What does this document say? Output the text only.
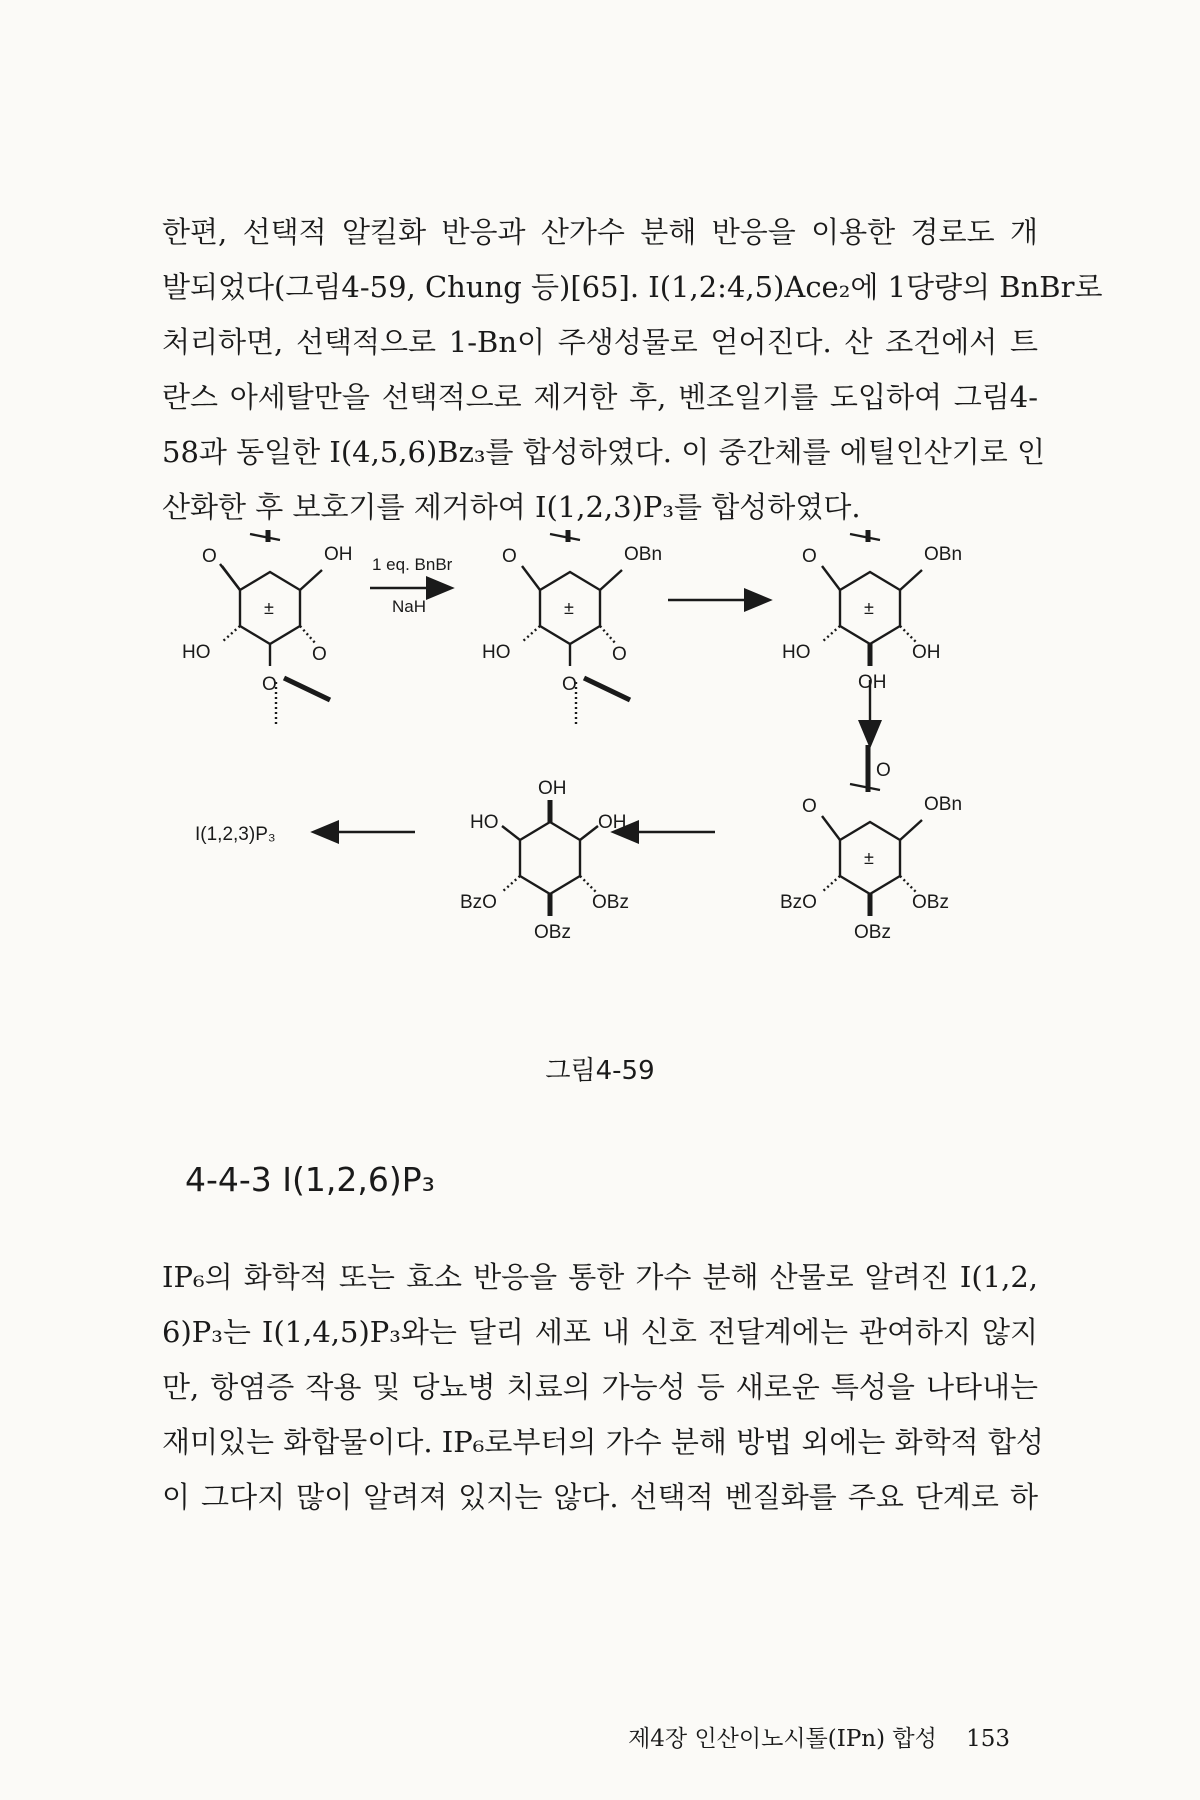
한편, 선택적 알킬화 반응과 산가수 분해 반응을 이용한 경로도 개
발되었다(그림4-59, Chung 등)[65]. I(1,2:4,5)Ace₂에 1당량의 BnBr로
처리하면, 선택적으로 1-Bn이 주생성물로 얻어진다. 산 조건에서 트
란스 아세탈만을 선택적으로 제거한 후, 벤조일기를 도입하여 그림4-
58과 동일한 I(4,5,6)Bz₃를 합성하였다. 이 중간체를 에틸인산기로 인
산화한 후 보호기를 제거하여 I(1,2,3)P₃를 합성하였다.
O	OH
HO	O
O
±
1 eq. BnBr
NaH
O	OBn
HO	O
O
±
O	OBn
HO	OH
OH
±
O
O
OBn
BzO	OBz
OBz
±
OH
HO	OH
BzO	OBz
OBz
I(1,2,3)P₃
그림4-59
4-4-3 I(1,2,6)P₃
IP₆의 화학적 또는 효소 반응을 통한 가수 분해 산물로 알려진 I(1,2,
6)P₃는 I(1,4,5)P₃와는 달리 세포 내 신호 전달계에는 관여하지 않지
만, 항염증 작용 및 당뇨병 치료의 가능성 등 새로운 특성을 나타내는
재미있는 화합물이다. IP₆로부터의 가수 분해 방법 외에는 화학적 합성
이 그다지 많이 알려져 있지는 않다. 선택적 벤질화를 주요 단계로 하
제4장 인산이노시톨(IPn) 합성 153
